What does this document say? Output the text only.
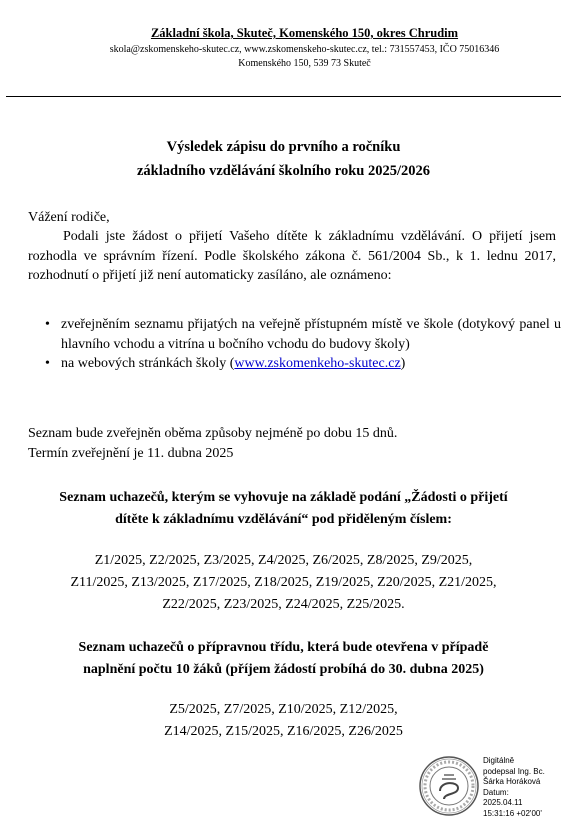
Základní škola, Skuteč, Komenského 150, okres Chrudim
skola@zskomenskeho-skutec.cz, www.zskomenskeho-skutec.cz, tel.: 731557453, IČO 75016346
Komenského 150, 539 73 Skuteč
Výsledek zápisu do prvního a ročníku
základního vzdělávání školního roku 2025/2026
Vážení rodiče,
Podali jste žádost o přijetí Vašeho dítěte k základnímu vzdělávání. O přijetí jsem rozhodla ve správním řízení. Podle školského zákona č. 561/2004 Sb., k 1. lednu 2017, rozhodnutí o přijetí již není automaticky zasíláno, ale oznámeno:
• zveřejněním seznamu přijatých na veřejně přístupném místě ve škole (dotykový panel u hlavního vchodu a vitrína u bočního vchodu do budovy školy)
• na webových stránkách školy (www.zskomenkeho-skutec.cz)
Seznam bude zveřejněn oběma způsoby nejméně po dobu 15 dnů.
Termín zveřejnění je 11. dubna 2025
Seznam uchazečů, kterým se vyhovuje na základě podání „Žádosti o přijetí
dítěte k základnímu vzdělávání“ pod přiděleným číslem:
Z1/2025, Z2/2025, Z3/2025, Z4/2025, Z6/2025, Z8/2025, Z9/2025,
Z11/2025, Z13/2025, Z17/2025, Z18/2025, Z19/2025, Z20/2025, Z21/2025,
Z22/2025, Z23/2025, Z24/2025, Z25/2025.
Seznam uchazečů o přípravnou třídu, která bude otevřena v případě
naplnění počtu 10 žáků (příjem žádostí probíhá do 30. dubna 2025)
Z5/2025, Z7/2025, Z10/2025, Z12/2025,
Z14/2025, Z15/2025, Z16/2025, Z26/2025
Digitálně
podepsal Ing. Bc.
Šárka Horáková
Datum:
2025.04.11
15:31:16 +02'00'
